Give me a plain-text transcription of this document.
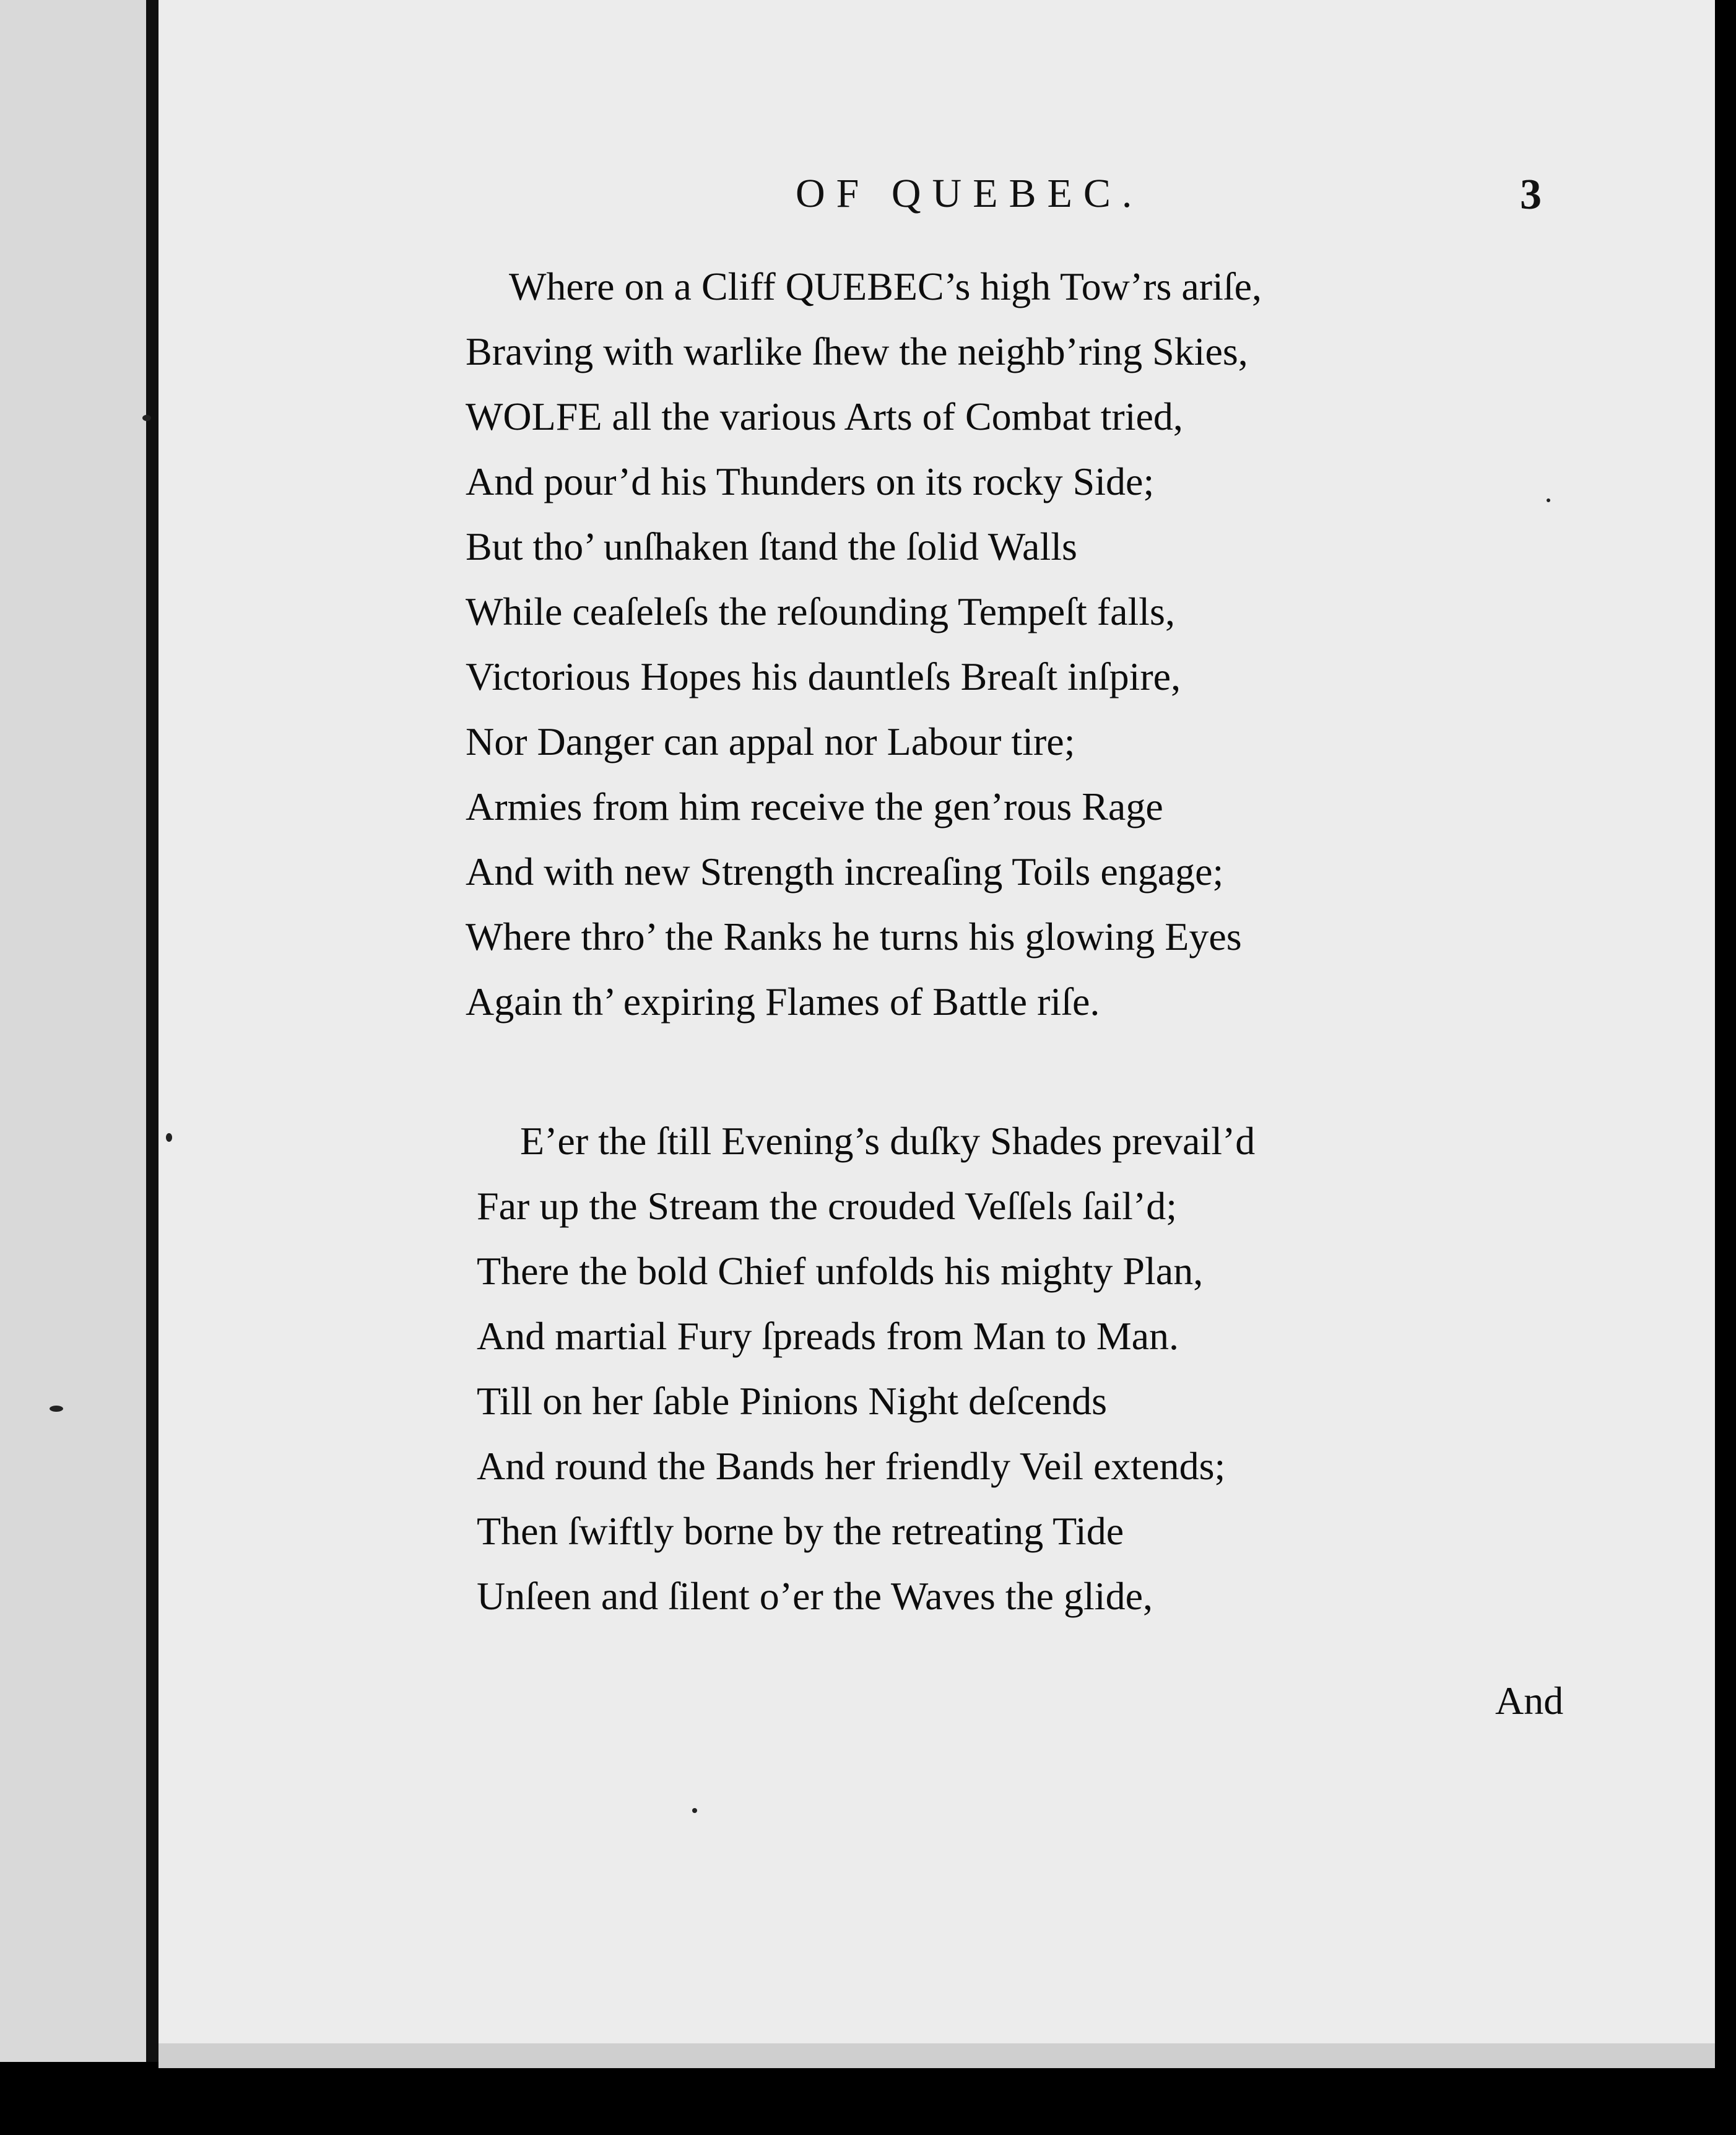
OF QUEBEC.	3
Where on a Cliff QUEBEC’s high Tow’rs ariſe,
Braving with warlike ſhew the neighb’ring Skies,
WOLFE all the various Arts of Combat tried,
And pour’d his Thunders on its rocky Side;
But tho’ unſhaken ſtand the ſolid Walls
While ceaſeleſs the reſounding Tempeſt falls,
Victorious Hopes his dauntleſs Breaſt inſpire,
Nor Danger can appal nor Labour tire;
Armies from him receive the gen’rous Rage
And with new Strength increaſing Toils engage;
Where thro’ the Ranks he turns his glowing Eyes
Again th’ expiring Flames of Battle riſe.
E’er the ſtill Evening’s duſky Shades prevail’d
Far up the Stream the crouded Veſſels ſail’d;
There the bold Chief unfolds his mighty Plan,
And martial Fury ſpreads from Man to Man.
Till on her ſable Pinions Night deſcends
And round the Bands her friendly Veil extends;
Then ſwiftly borne by the retreating Tide
Unſeen and ſilent o’er the Waves the glide,
And
